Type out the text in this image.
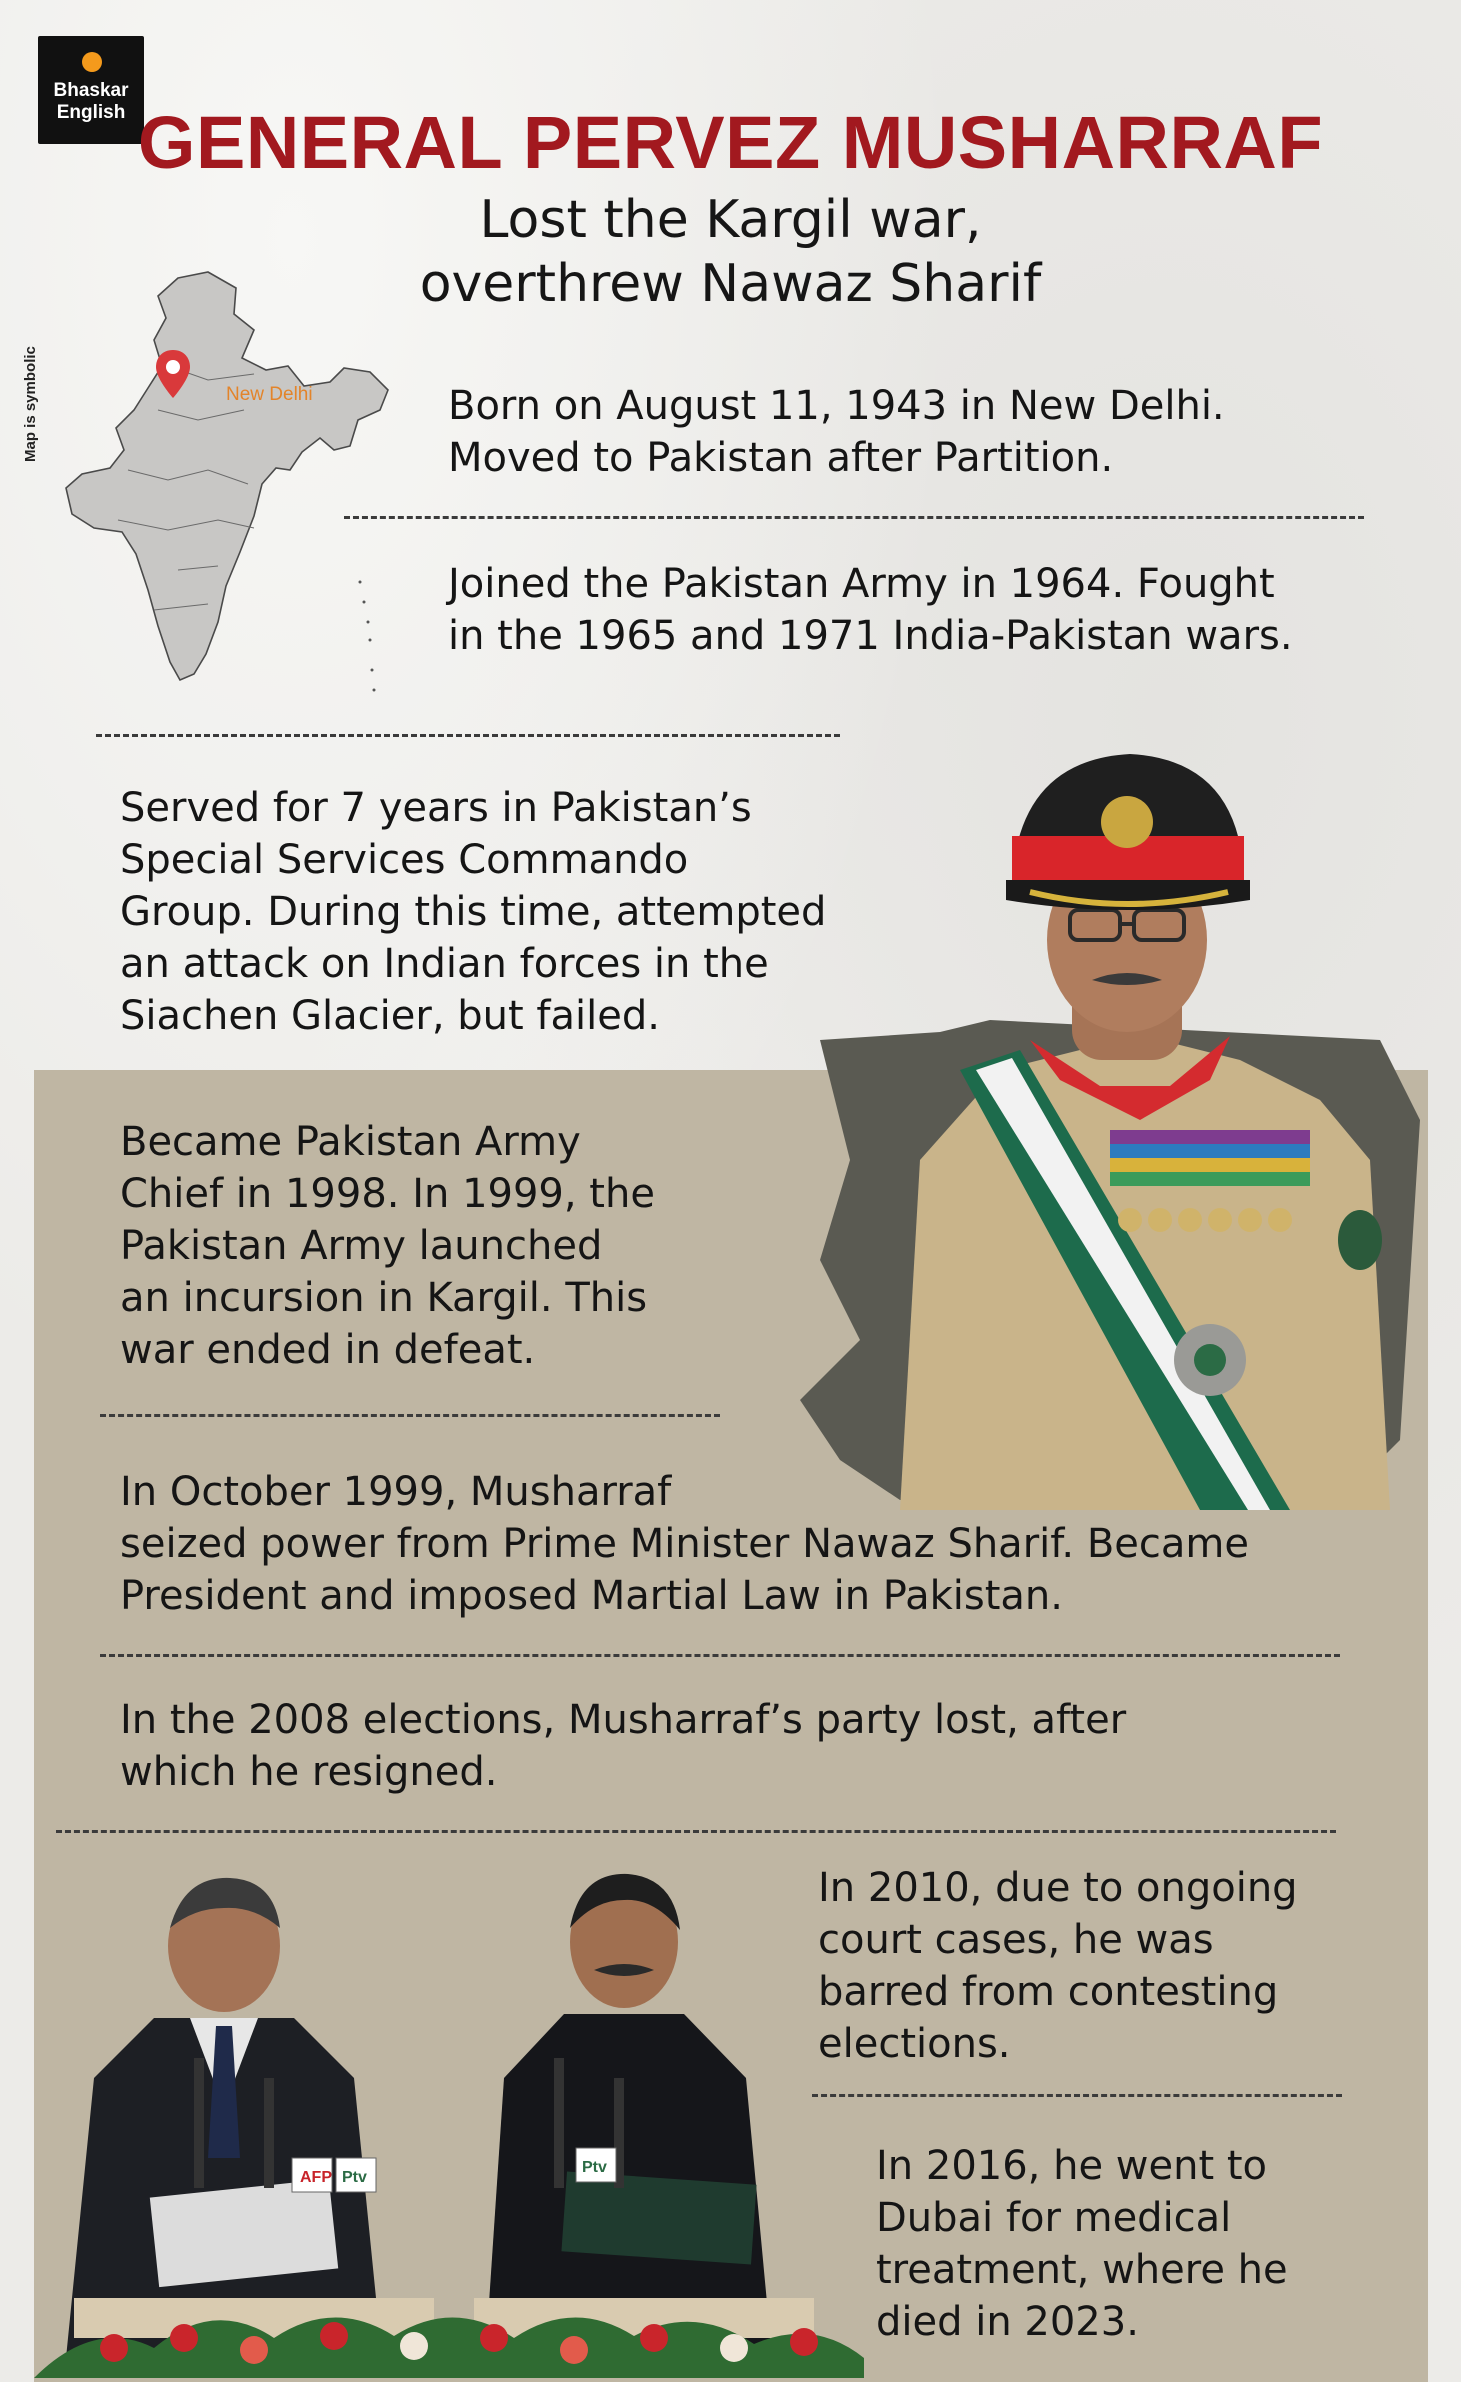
Bhaskar
English GENERAL PERVEZ MUSHARRAF
Lost the Kargil war,
overthrew Nawaz Sharif
New Delhi
Map is symbolic	Born on August 11, 1943 in New Delhi.
Moved to Pakistan after Partition.
Joined the Pakistan Army in 1964. Fought
in the 1965 and 1971 India-Pakistan wars.
Served for 7 years in Pakistan’s
Special Services Commando
Group. During this time, attempted
an attack on Indian forces in the
Siachen Glacier, but failed.
Became Pakistan Army
Chief in 1998. In 1999, the
Pakistan Army launched
an incursion in Kargil. This
war ended in defeat.
In October 1999, Musharraf
seized power from Prime Minister Nawaz Sharif. Became
President and imposed Martial Law in Pakistan.
In the 2008 elections, Musharraf’s party lost, after
which he resigned.
AFP Ptv
Ptv
In 2010, due to ongoing
court cases, he was
barred from contesting
elections.
In 2016, he went to
Dubai for medical
treatment, where he
died in 2023.
